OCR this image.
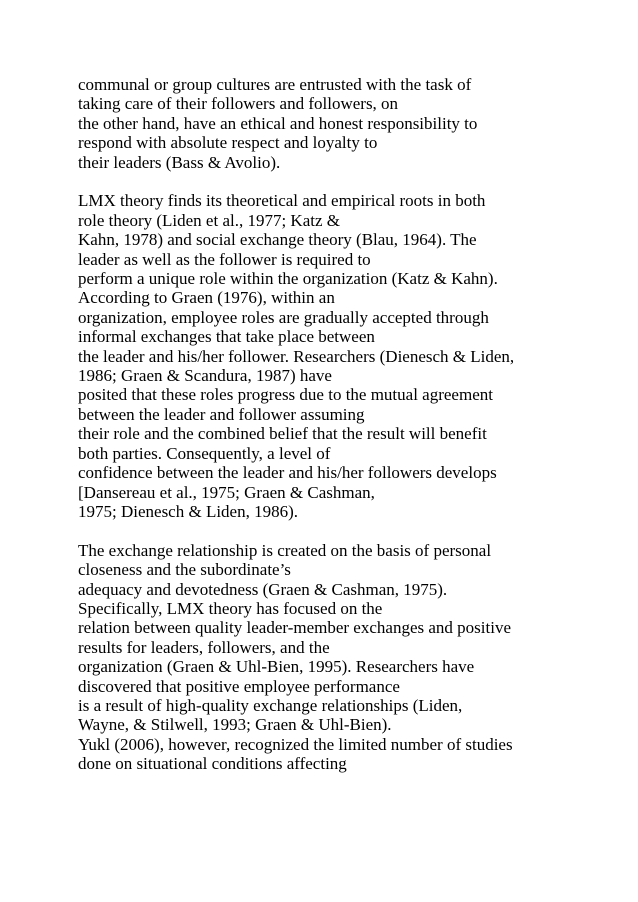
communal or group cultures are entrusted with the task of
taking care of their followers and followers, on
the other hand, have an ethical and honest responsibility to
respond with absolute respect and loyalty to
their leaders (Bass & Avolio).
LMX theory finds its theoretical and empirical roots in both
role theory (Liden et al., 1977; Katz &
Kahn, 1978) and social exchange theory (Blau, 1964). The
leader as well as the follower is required to
perform a unique role within the organization (Katz & Kahn).
According to Graen (1976), within an
organization, employee roles are gradually accepted through
informal exchanges that take place between
the leader and his/her follower. Researchers (Dienesch & Liden,
1986; Graen & Scandura, 1987) have
posited that these roles progress due to the mutual agreement
between the leader and follower assuming
their role and the combined belief that the result will benefit
both parties. Consequently, a level of
confidence between the leader and his/her followers develops
[Dansereau et al., 1975; Graen & Cashman,
1975; Dienesch & Liden, 1986).
The exchange relationship is created on the basis of personal
closeness and the subordinate’s
adequacy and devotedness (Graen & Cashman, 1975).
Specifically, LMX theory has focused on the
relation between quality leader-member exchanges and positive
results for leaders, followers, and the
organization (Graen & Uhl-Bien, 1995). Researchers have
discovered that positive employee performance
is a result of high-quality exchange relationships (Liden,
Wayne, & Stilwell, 1993; Graen & Uhl-Bien).
Yukl (2006), however, recognized the limited number of studies
done on situational conditions affecting
